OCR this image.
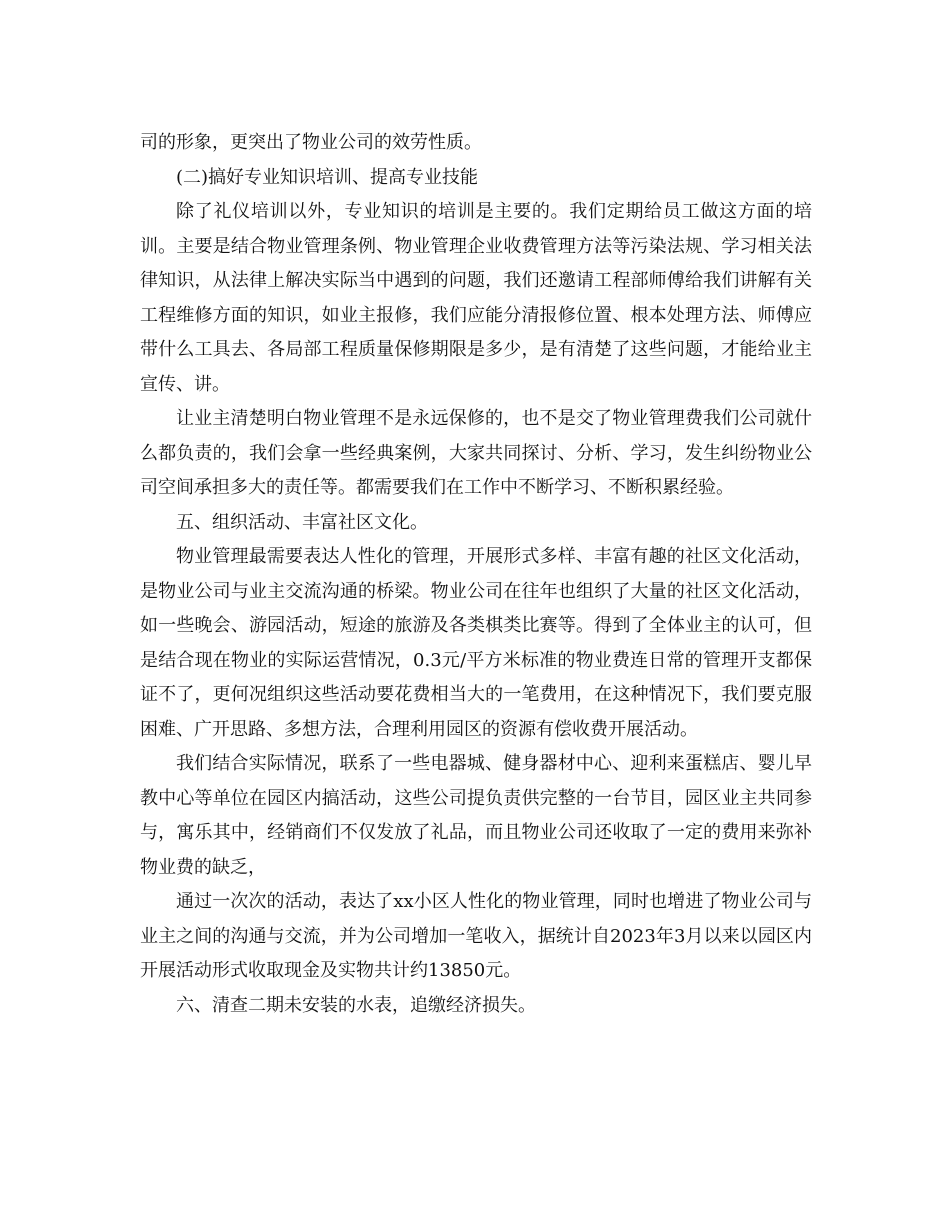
司的形象，更突出了物业公司的效劳性质。

(二)搞好专业知识培训、提高专业技能

除了礼仪培训以外，专业知识的培训是主要的。我们定期给员工做这方面的培训。主要是结合物业管理条例、物业管理企业收费管理方法等污染法规、学习相关法律知识，从法律上解决实际当中遇到的问题，我们还邀请工程部师傅给我们讲解有关工程维修方面的知识，如业主报修，我们应能分清报修位置、根本处理方法、师傅应带什么工具去、各局部工程质量保修期限是多少，是有清楚了这些问题，才能给业主宣传、讲。

让业主清楚明白物业管理不是永远保修的，也不是交了物业管理费我们公司就什么都负责的，我们会拿一些经典案例，大家共同探讨、分析、学习，发生纠纷物业公司空间承担多大的责任等。都需要我们在工作中不断学习、不断积累经验。

五、组织活动、丰富社区文化。

物业管理最需要表达人性化的管理，开展形式多样、丰富有趣的社区文化活动，是物业公司与业主交流沟通的桥梁。物业公司在往年也组织了大量的社区文化活动，如一些晚会、游园活动，短途的旅游及各类棋类比赛等。得到了全体业主的认可，但是结合现在物业的实际运营情况，0.3元/平方米标准的物业费连日常的管理开支都保证不了，更何况组织这些活动要花费相当大的一笔费用，在这种情况下，我们要克服困难、广开思路、多想方法，合理利用园区的资源有偿收费开展活动。

我们结合实际情况，联系了一些电器城、健身器材中心、迎利来蛋糕店、婴儿早教中心等单位在园区内搞活动，这些公司提负责供完整的一台节目，园区业主共同参与，寓乐其中，经销商们不仅发放了礼品，而且物业公司还收取了一定的费用来弥补物业费的缺乏，

通过一次次的活动，表达了xx小区人性化的物业管理，同时也增进了物业公司与业主之间的沟通与交流，并为公司增加一笔收入，据统计自2023年3月以来以园区内开展活动形式收取现金及实物共计约13850元。

六、清查二期未安装的水表，追缴经济损失。
